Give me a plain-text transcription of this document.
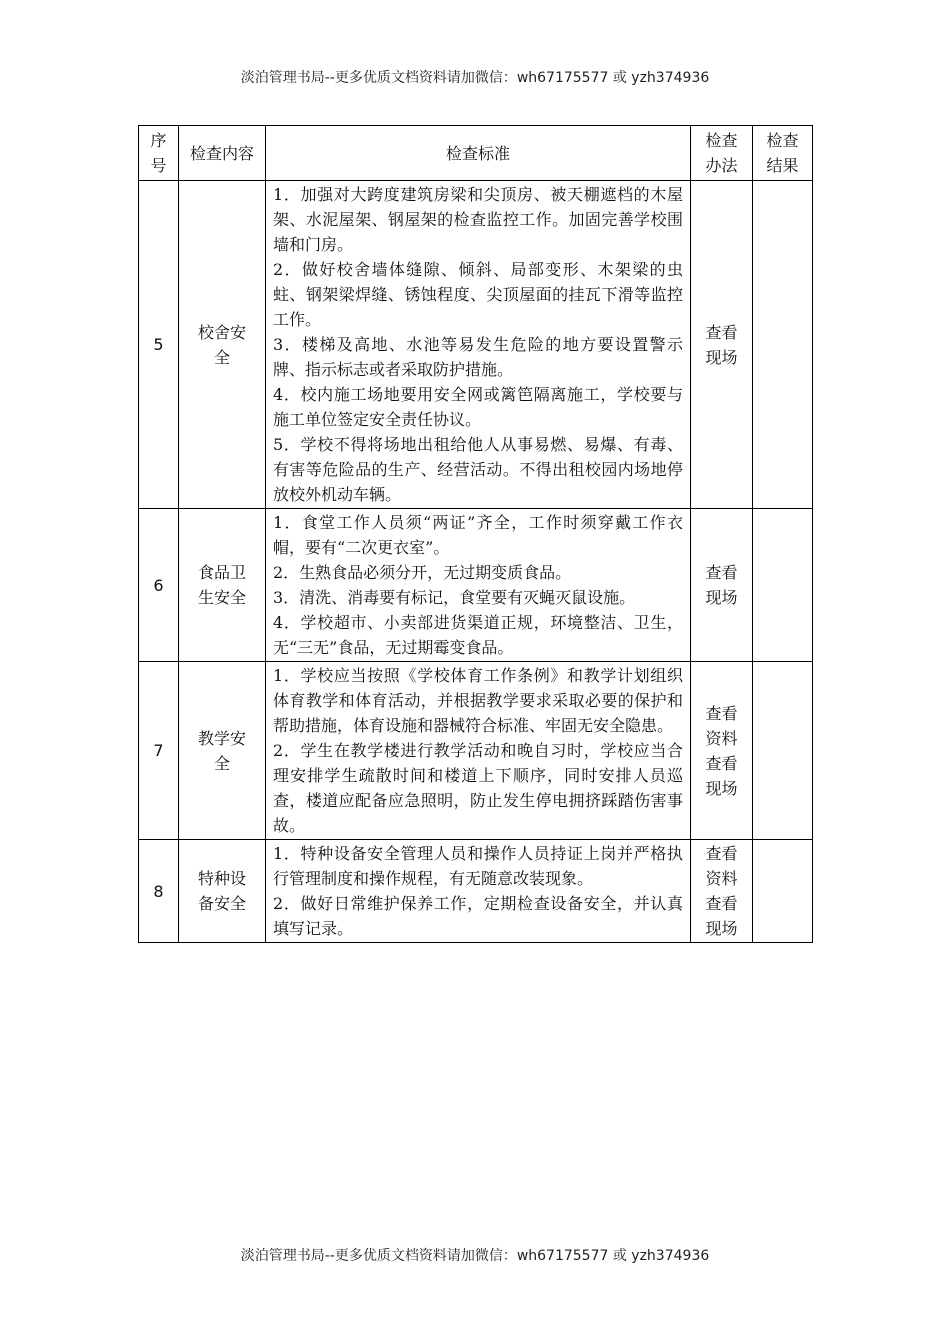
淡泊管理书局--更多优质文档资料请加微信：wh67175577 或 yzh374936
序号	检查内容	检查标准	检查办法	检查结果
5	校舍安全	1．加强对大跨度建筑房梁和尖顶房、被天棚遮档的木屋架、水泥屋架、钢屋架的检查监控工作。加固完善学校围墙和门房。
2．做好校舍墙体缝隙、倾斜、局部变形、木架梁的虫蛀、钢架梁焊缝、锈蚀程度、尖顶屋面的挂瓦下滑等监控工作。
3．楼梯及高地、水池等易发生危险的地方要设置警示牌、指示标志或者采取防护措施。
4．校内施工场地要用安全网或篱笆隔离施工，学校要与施工单位签定安全责任协议。
5．学校不得将场地出租给他人从事易燃、易爆、有毒、有害等危险品的生产、经营活动。不得出租校园内场地停放校外机动车辆。	查看现场	
6	食品卫生安全	1．食堂工作人员须“两证”齐全，工作时须穿戴工作衣帽，要有“二次更衣室”。
2．生熟食品必须分开，无过期变质食品。
3．清洗、消毒要有标记，食堂要有灭蝇灭鼠设施。
4．学校超市、小卖部进货渠道正规，环境整洁、卫生，无“三无”食品，无过期霉变食品。	查看现场	
7	教学安全	1．学校应当按照《学校体育工作条例》和教学计划组织体育教学和体育活动，并根据教学要求采取必要的保护和帮助措施，体育设施和器械符合标准、牢固无安全隐患。
2．学生在教学楼进行教学活动和晚自习时，学校应当合理安排学生疏散时间和楼道上下顺序，同时安排人员巡查，楼道应配备应急照明，防止发生停电拥挤踩踏伤害事故。	查看资料查看现场	
8	特种设备安全	1．特种设备安全管理人员和操作人员持证上岗并严格执行管理制度和操作规程，有无随意改装现象。
2．做好日常维护保养工作，定期检查设备安全，并认真填写记录。	查看资料查看现场	
淡泊管理书局--更多优质文档资料请加微信：wh67175577 或 yzh374936
